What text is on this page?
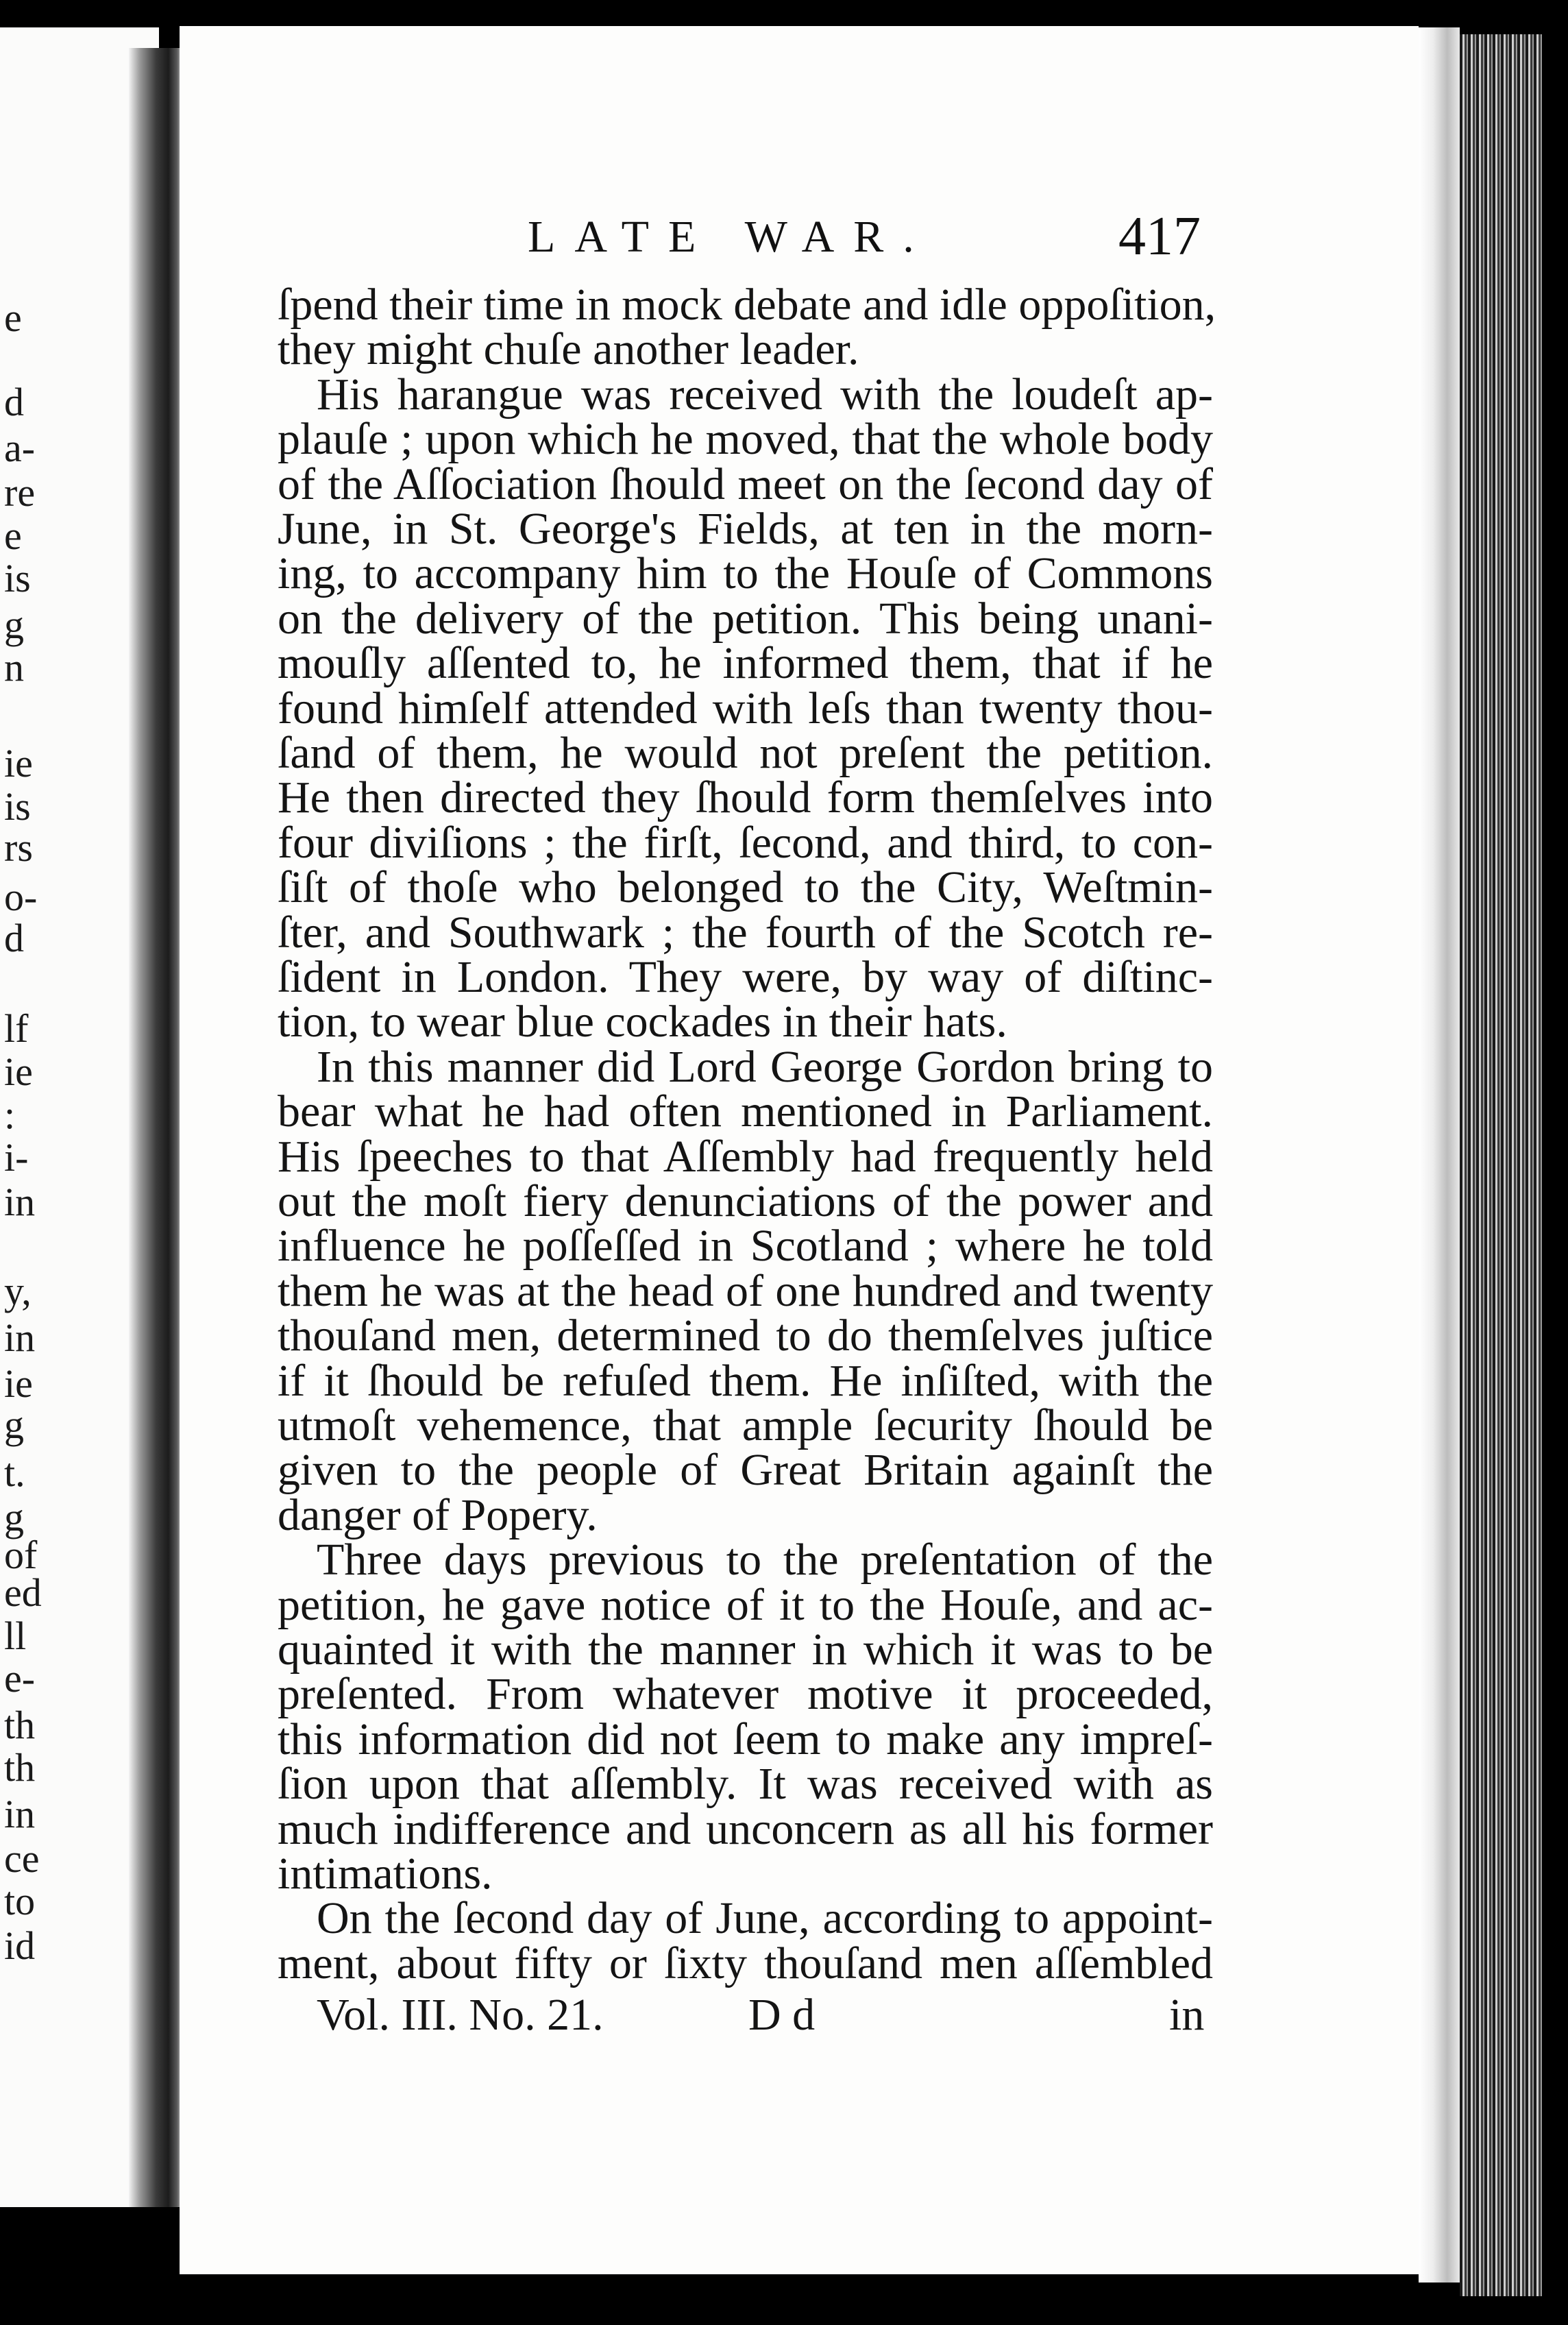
e
d
a-
re
e
is
g
n
ie
is
rs
o-
d
lf
ie
:
i-
in
y,
in
ie
g
t.
g
of
ed
ll
e-
th
th
in
ce
to
id
LATE WAR.	417
ſpend their time in mock debate and idle oppoſition,
they might chuſe another leader.
His harangue was received with the loudeſt ap-
plauſe ; upon which he moved, that the whole body
of the Aſſociation ſhould meet on the ſecond day of
June, in St. George's Fields, at ten in the morn-
ing, to accompany him to the Houſe of Commons
on the delivery of the petition. This being unani-
mouſly aſſented to, he informed them, that if he
found himſelf attended with leſs than twenty thou-
ſand of them, he would not preſent the petition.
He then directed they ſhould form themſelves into
four diviſions ; the firſt, ſecond, and third, to con-
ſiſt of thoſe who belonged to the City, Weſtmin-
ſter, and Southwark ; the fourth of the Scotch re-
ſident in London. They were, by way of diſtinc-
tion, to wear blue cockades in their hats.
In this manner did Lord George Gordon bring to
bear what he had often mentioned in Parliament.
His ſpeeches to that Aſſembly had frequently held
out the moſt fiery denunciations of the power and
influence he poſſeſſed in Scotland ; where he told
them he was at the head of one hundred and twenty
thouſand men, determined to do themſelves juſtice
if it ſhould be refuſed them. He inſiſted, with the
utmoſt vehemence, that ample ſecurity ſhould be
given to the people of Great Britain againſt the
danger of Popery.
Three days previous to the preſentation of the
petition, he gave notice of it to the Houſe, and ac-
quainted it with the manner in which it was to be
preſented. From whatever motive it proceeded,
this information did not ſeem to make any impreſ-
ſion upon that aſſembly. It was received with as
much indifference and unconcern as all his former
intimations.
On the ſecond day of June, according to appoint-
ment, about fifty or ſixty thouſand men aſſembled
Vol. III. No. 21.	D d	in
